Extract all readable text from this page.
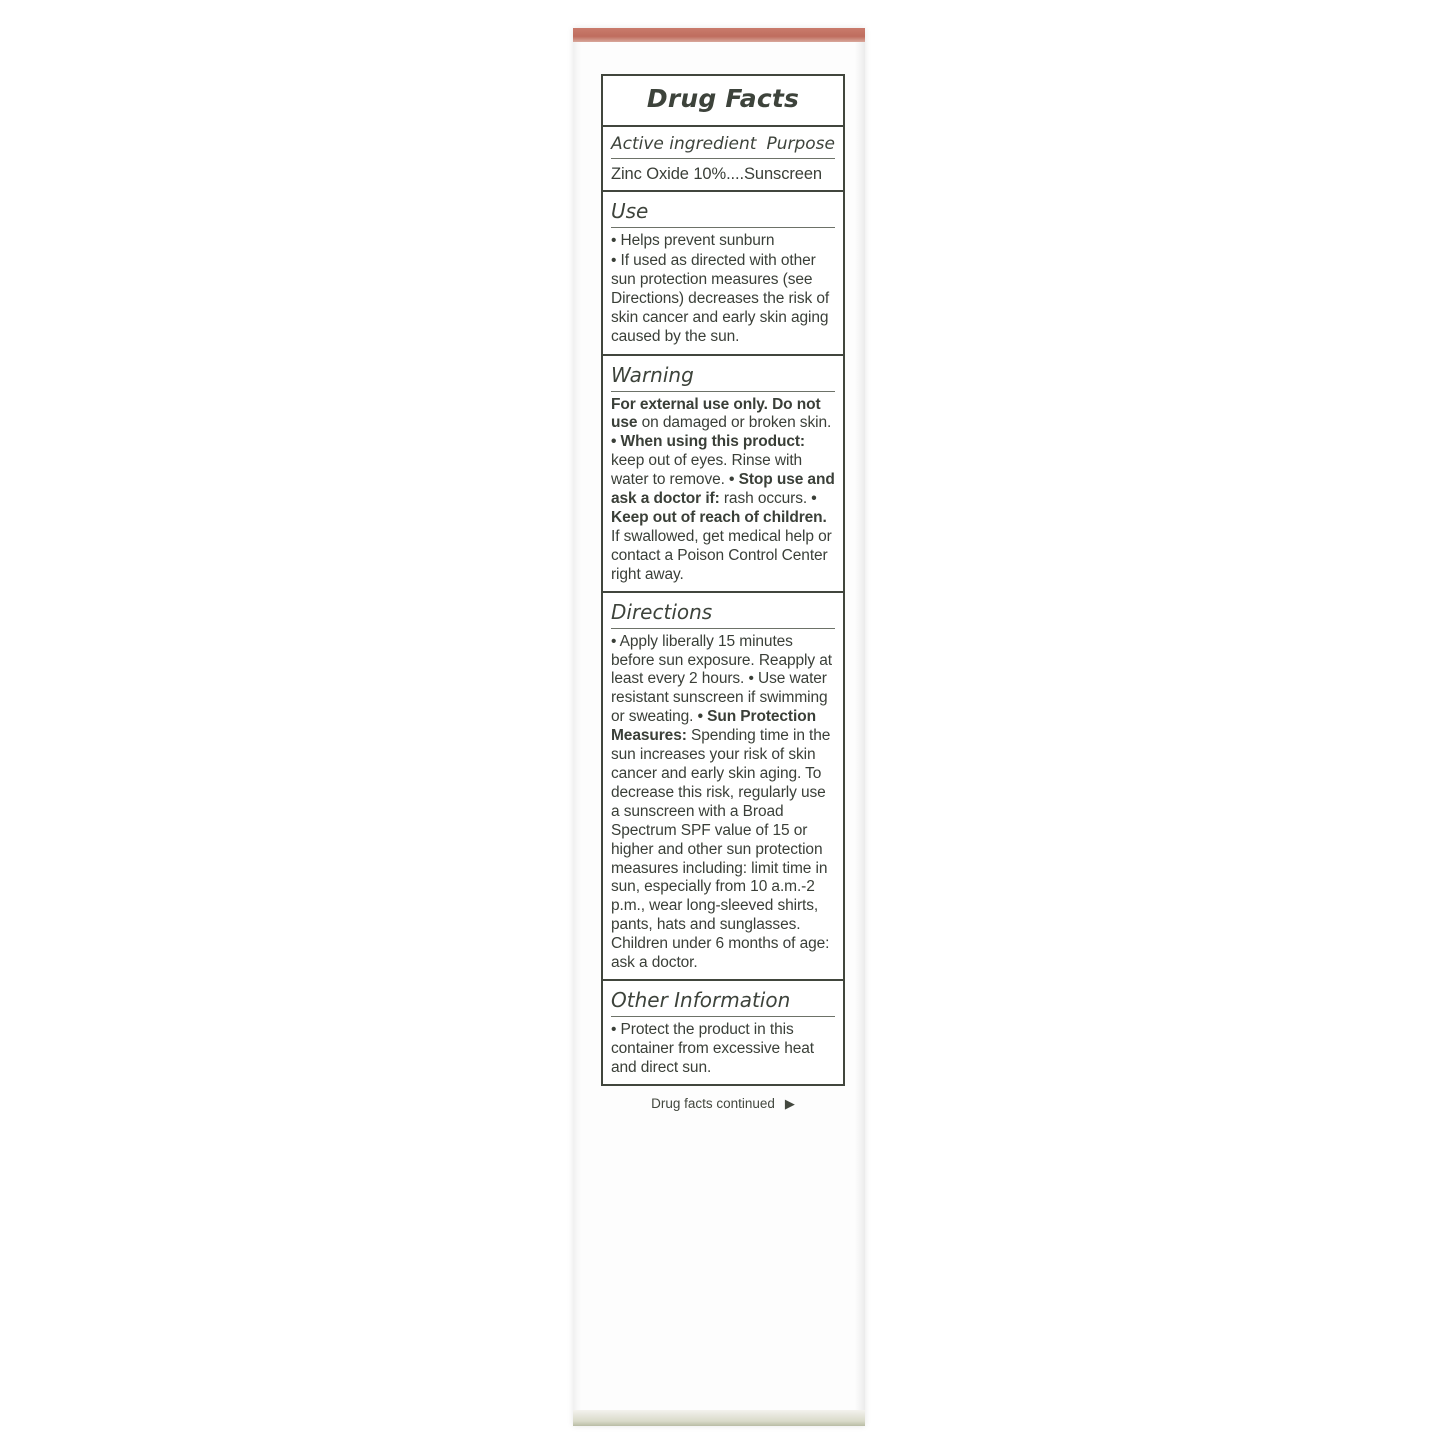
Drug Facts
Active ingredient Purpose
Zinc Oxide 10%....Sunscreen
Use
• Helps prevent sunburn
• If used as directed with other sun protection measures (see Directions) decreases the risk of skin cancer and early skin aging caused by the sun.
Warning
For external use only. Do not use on damaged or broken skin. • When using this product: keep out of eyes. Rinse with water to remove. • Stop use and ask a doctor if: rash occurs. • Keep out of reach of children. If swallowed, get medical help or contact a Poison Control Center right away.
Directions
• Apply liberally 15 minutes before sun exposure. Reapply at least every 2 hours. • Use water resistant sunscreen if swimming or sweating. • Sun Protection Measures: Spending time in the sun increases your risk of skin cancer and early skin aging. To decrease this risk, regularly use a sunscreen with a Broad Spectrum SPF value of 15 or higher and other sun protection measures including: limit time in sun, especially from 10 a.m.-2 p.m., wear long-sleeved shirts, pants, hats and sunglasses. Children under 6 months of age: ask a doctor.
Other Information
• Protect the product in this container from excessive heat and direct sun.
Drug facts continued ▶
